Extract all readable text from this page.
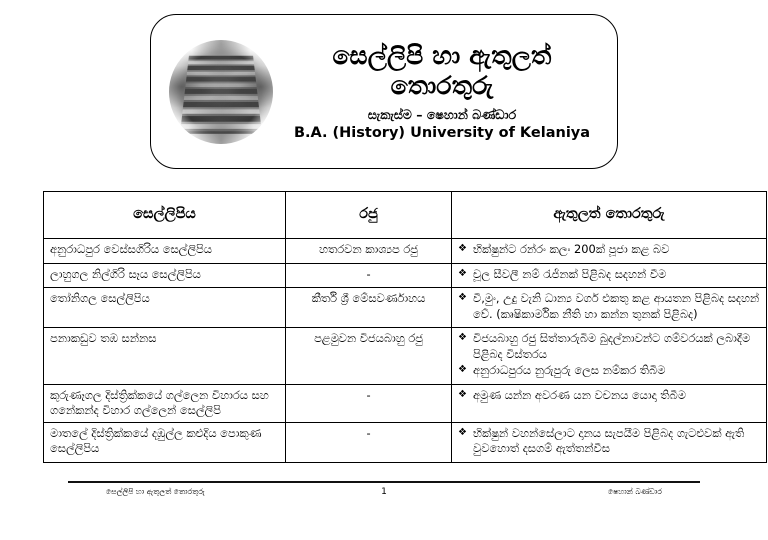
සෙල්ලිපි හා ඇතුලත්
තොරතුරු
සැකැස්ම – ෂෙහාන් බණ්ඩාර
B.A. (History) University of Kelaniya
සෙල්ලිපිය	රජු	ඇතුලත් තොරතුරු
අනුරාධපුර වෙස්සගිරිය සෙල්ලිපිය	හතරවන කාශ්‍යප රජු	❖ භික්ෂුන්ට රන්රං කලං 200ක් පූජා කළ බව

ලාහුගල නිල්ගිරි සෑය සෙල්ලිපිය	-	❖ චූල සීවලී නම් රැජිනක් පිළිබද සදහන් වීම

තෝනිගල සෙල්ලිපිය	කීර්ති ශ්‍රී මේසවර්ණාහය	❖ වී,මුං, උදු වැනි ධාන්‍ය වර්ග එකතු කළ ආයතන පිළිබද සදහන් වේ. (කෘෂිකාර්මික නීති හා කන්න තුනක් පිළිබද)

පනාකඩුව තඹ සන්නස	පළමුවන විජයබාහු රජු	❖ විජයබාහු රජු සිත්තාරුබිම බුදල්නාවන්ට ගම්වරයක් ලබාදීම පිළිබද විස්තරය
❖ අනුරාධපුරය නුරුපුරු ලෙස නම්කර තිබීම

කුරුණෑගල දිස්ත්‍රික්කයේ ගල්ලෙන විහාරය සහ ගනේකන්ද විහාර ගල්ලෙන් සෙල්ලිපි	-	❖ අමුණ යන්න අවරණ යන වචනය යොදා තිබීම

මාතලේ දිස්ත්‍රික්කයේ දඹුල්ල කළුදිය පොකුණ සෙල්ලිපිය	-	❖ භික්ෂුන් වහන්සේලාට දානය සැපයීම පිළිබද ගැටළුවක් ඇති වුවහොත් දසගම් ඇත්තන්වීස
සෙල්ලිපි හා ඇතුලත් තොරතුරු	1	ෂෙහාන් බණ්ඩාර
